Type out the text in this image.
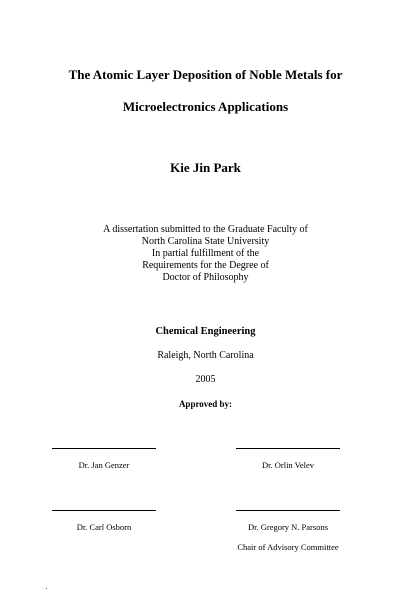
The Atomic Layer Deposition of Noble Metals for
Microelectronics Applications
Kie Jin Park
A dissertation submitted to the Graduate Faculty of
North Carolina State University
In partial fulfillment of the
Requirements for the Degree of
Doctor of Philosophy
Chemical Engineering
Raleigh, North Carolina
2005
Approved by:
Dr. Jan Genzer	Dr. Orlin Velev
Dr. Carl Osborn	Dr. Gregory N. Parsons
Chair of Advisory Committee
